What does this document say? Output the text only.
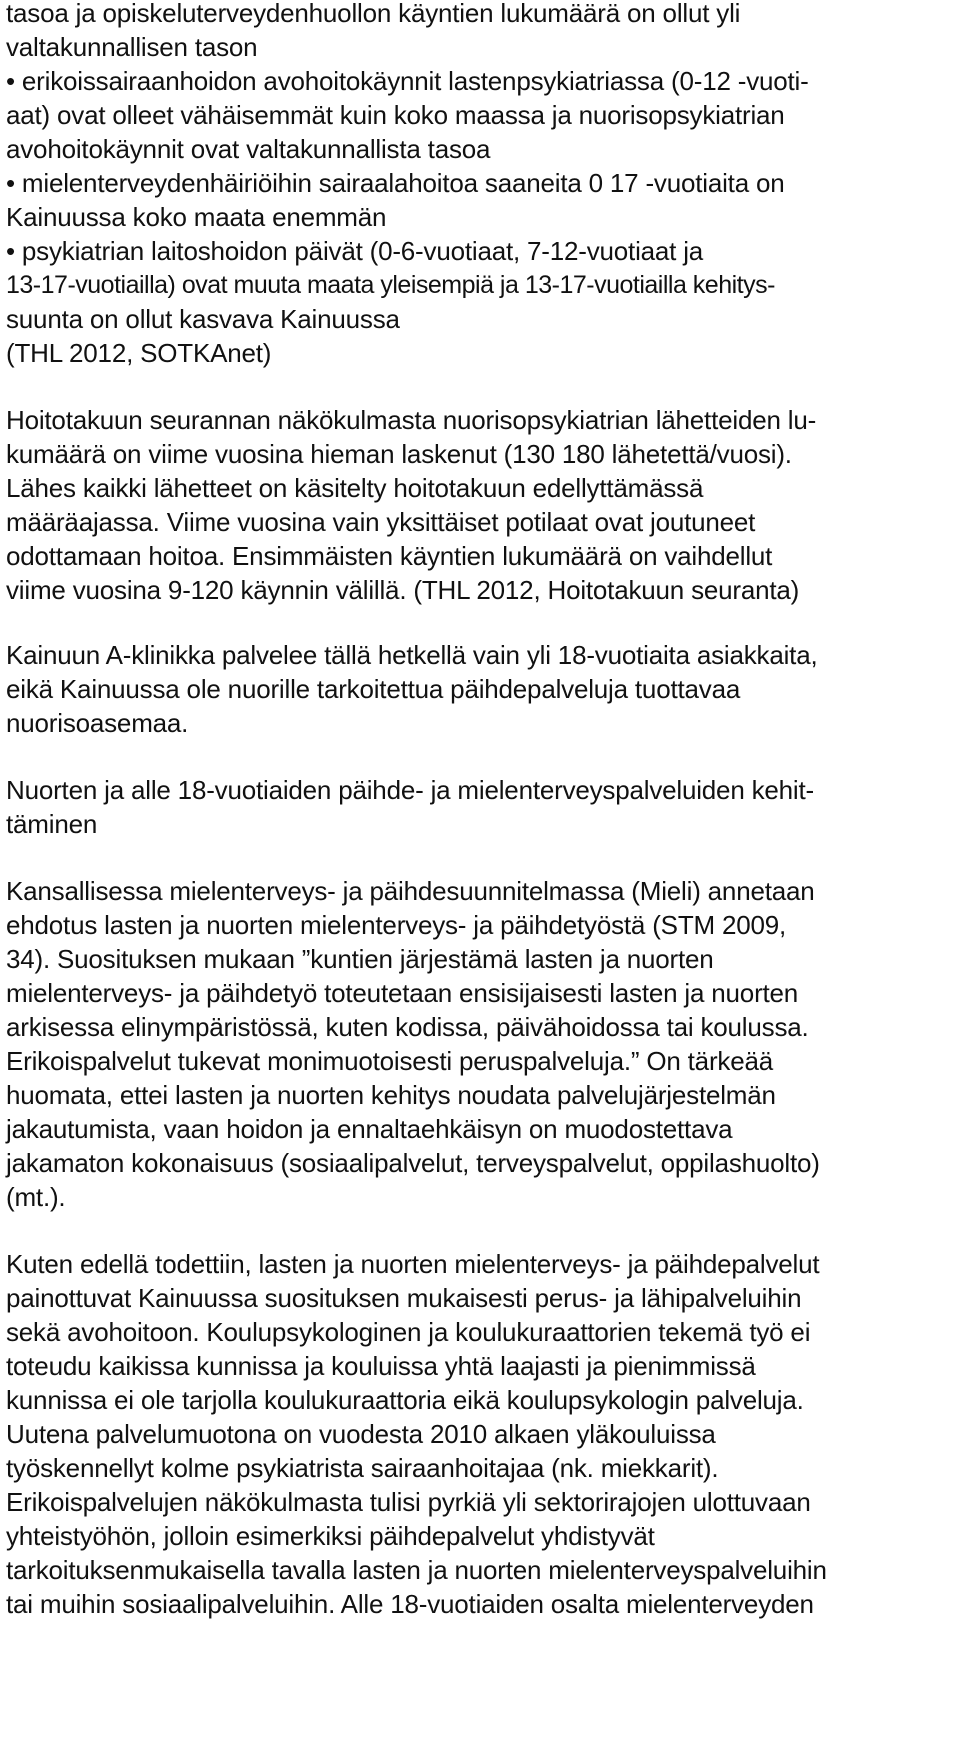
tasoa ja opiskeluterveydenhuollon käyntien lukumäärä on ollut yli
valtakunnallisen tason
• erikoissairaanhoidon avohoitokäynnit lastenpsykiatriassa (0-12 -vuoti-
aat) ovat olleet vähäisemmät kuin koko maassa ja nuorisopsykiatrian
avohoitokäynnit ovat valtakunnallista tasoa
• mielenterveydenhäiriöihin sairaalahoitoa saaneita 0 17 -vuotiaita on
Kainuussa koko maata enemmän
• psykiatrian laitoshoidon päivät (0-6-vuotiaat, 7-12-vuotiaat ja
13-17-vuotiailla) ovat muuta maata yleisempiä ja 13-17-vuotiailla kehitys-
suunta on ollut kasvava Kainuussa
(THL 2012, SOTKAnet)
Hoitotakuun seurannan näkökulmasta nuorisopsykiatrian lähetteiden lu-
kumäärä on viime vuosina hieman laskenut (130 180 lähetettä/vuosi).
Lähes kaikki lähetteet on käsitelty hoitotakuun edellyttämässä
määräajassa. Viime vuosina vain yksittäiset potilaat ovat joutuneet
odottamaan hoitoa. Ensimmäisten käyntien lukumäärä on vaihdellut
viime vuosina 9-120 käynnin välillä. (THL 2012, Hoitotakuun seuranta)
Kainuun A-klinikka palvelee tällä hetkellä vain yli 18-vuotiaita asiakkaita,
eikä Kainuussa ole nuorille tarkoitettua päihdepalveluja tuottavaa
nuorisoasemaa.
Nuorten ja alle 18-vuotiaiden päihde- ja mielenterveyspalveluiden kehit-
täminen
Kansallisessa mielenterveys- ja päihdesuunnitelmassa (Mieli) annetaan
ehdotus lasten ja nuorten mielenterveys- ja päihdetyöstä (STM 2009,
34). Suosituksen mukaan ”kuntien järjestämä lasten ja nuorten
mielenterveys- ja päihdetyö toteutetaan ensisijaisesti lasten ja nuorten
arkisessa elinympäristössä, kuten kodissa, päivähoidossa tai koulussa.
Erikoispalvelut tukevat monimuotoisesti peruspalveluja.” On tärkeää
huomata, ettei lasten ja nuorten kehitys noudata palvelujärjestelmän
jakautumista, vaan hoidon ja ennaltaehkäisyn on muodostettava
jakamaton kokonaisuus (sosiaalipalvelut, terveyspalvelut, oppilashuolto)
(mt.).
Kuten edellä todettiin, lasten ja nuorten mielenterveys- ja päihdepalvelut
painottuvat Kainuussa suosituksen mukaisesti perus- ja lähipalveluihin
sekä avohoitoon. Koulupsykologinen ja koulukuraattorien tekemä työ ei
toteudu kaikissa kunnissa ja kouluissa yhtä laajasti ja pienimmissä
kunnissa ei ole tarjolla koulukuraattoria eikä koulupsykologin palveluja.
Uutena palvelumuotona on vuodesta 2010 alkaen yläkouluissa
työskennellyt kolme psykiatrista sairaanhoitajaa (nk. miekkarit).
Erikoispalvelujen näkökulmasta tulisi pyrkiä yli sektorirajojen ulottuvaan
yhteistyöhön, jolloin esimerkiksi päihdepalvelut yhdistyvät
tarkoituksenmukaisella tavalla lasten ja nuorten mielenterveyspalveluihin
tai muihin sosiaalipalveluihin. Alle 18-vuotiaiden osalta mielenterveyden
